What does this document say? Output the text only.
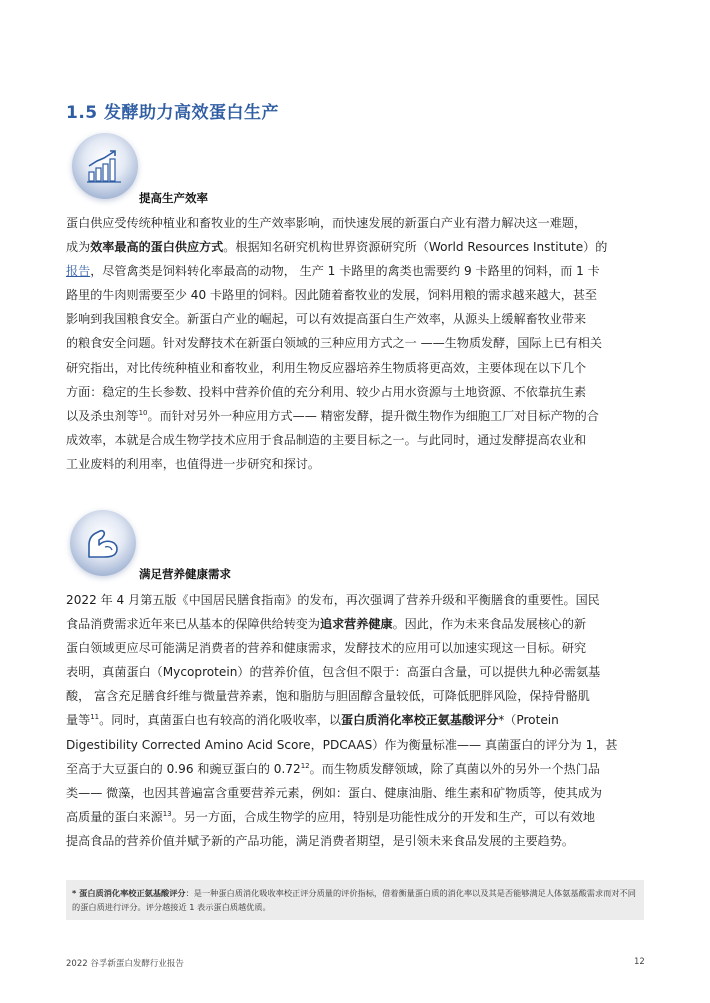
1.5 发酵助力高效蛋白生产
提高生产效率
蛋白供应受传统种植业和畜牧业的生产效率影响，而快速发展的新蛋白产业有潜力解决这一难题，
成为效率最高的蛋白供应方式。根据知名研究机构世界资源研究所（World Resources Institute）的
报告，尽管禽类是饲料转化率最高的动物， 生产 1 卡路里的禽类也需要约 9 卡路里的饲料，而 1 卡
路里的牛肉则需要至少 40 卡路里的饲料。因此随着畜牧业的发展，饲料用粮的需求越来越大，甚至
影响到我国粮食安全。新蛋白产业的崛起，可以有效提高蛋白生产效率，从源头上缓解畜牧业带来
的粮食安全问题。针对发酵技术在新蛋白领域的三种应用方式之一 ——生物质发酵，国际上已有相关
研究指出，对比传统种植业和畜牧业，利用生物反应器培养生物质将更高效，主要体现在以下几个
方面：稳定的生长参数、投料中营养价值的充分利用、较少占用水资源与土地资源、不依靠抗生素
以及杀虫剂等$^{10}$。而针对另外一种应用方式—— 精密发酵，提升微生物作为细胞工厂对目标产物的合
成效率，本就是合成生物学技术应用于食品制造的主要目标之一。与此同时，通过发酵提高农业和
工业废料的利用率，也值得进一步研究和探讨。
满足营养健康需求
2022 年 4 月第五版《中国居民膳食指南》的发布，再次强调了营养升级和平衡膳食的重要性。国民
食品消费需求近年来已从基本的保障供给转变为追求营养健康。因此，作为未来食品发展核心的新
蛋白领域更应尽可能满足消费者的营养和健康需求，发酵技术的应用可以加速实现这一目标。研究
表明，真菌蛋白（Mycoprotein）的营养价值，包含但不限于：高蛋白含量，可以提供九种必需氨基
酸， 富含充足膳食纤维与微量营养素，饱和脂肪与胆固醇含量较低，可降低肥胖风险，保持骨骼肌
量等$^{11}$。同时，真菌蛋白也有较高的消化吸收率，以蛋白质消化率校正氨基酸评分*（Protein
Digestibility Corrected Amino Acid Score，PDCAAS）作为衡量标准—— 真菌蛋白的评分为 1，甚
至高于大豆蛋白的 0.96 和豌豆蛋白的 0.72$^{12}$。而生物质发酵领域，除了真菌以外的另外一个热门品
类—— 微藻，也因其普遍富含重要营养元素，例如：蛋白、健康油脂、维生素和矿物质等，使其成为
高质量的蛋白来源$^{13}$。另一方面，合成生物学的应用，特别是功能性成分的开发和生产，可以有效地
提高食品的营养价值并赋予新的产品功能，满足消费者期望，是引领未来食品发展的主要趋势。

* 蛋白质消化率校正氨基酸评分：是一种蛋白质消化吸收率校正评分质量的评价指标，借着衡量蛋白质的消化率以及其是否能够满足人体氨基酸需求而对不同的蛋白质进行评分。评分越接近 1 表示蛋白质越优质。

2022 谷孚新蛋白发酵行业报告	12
